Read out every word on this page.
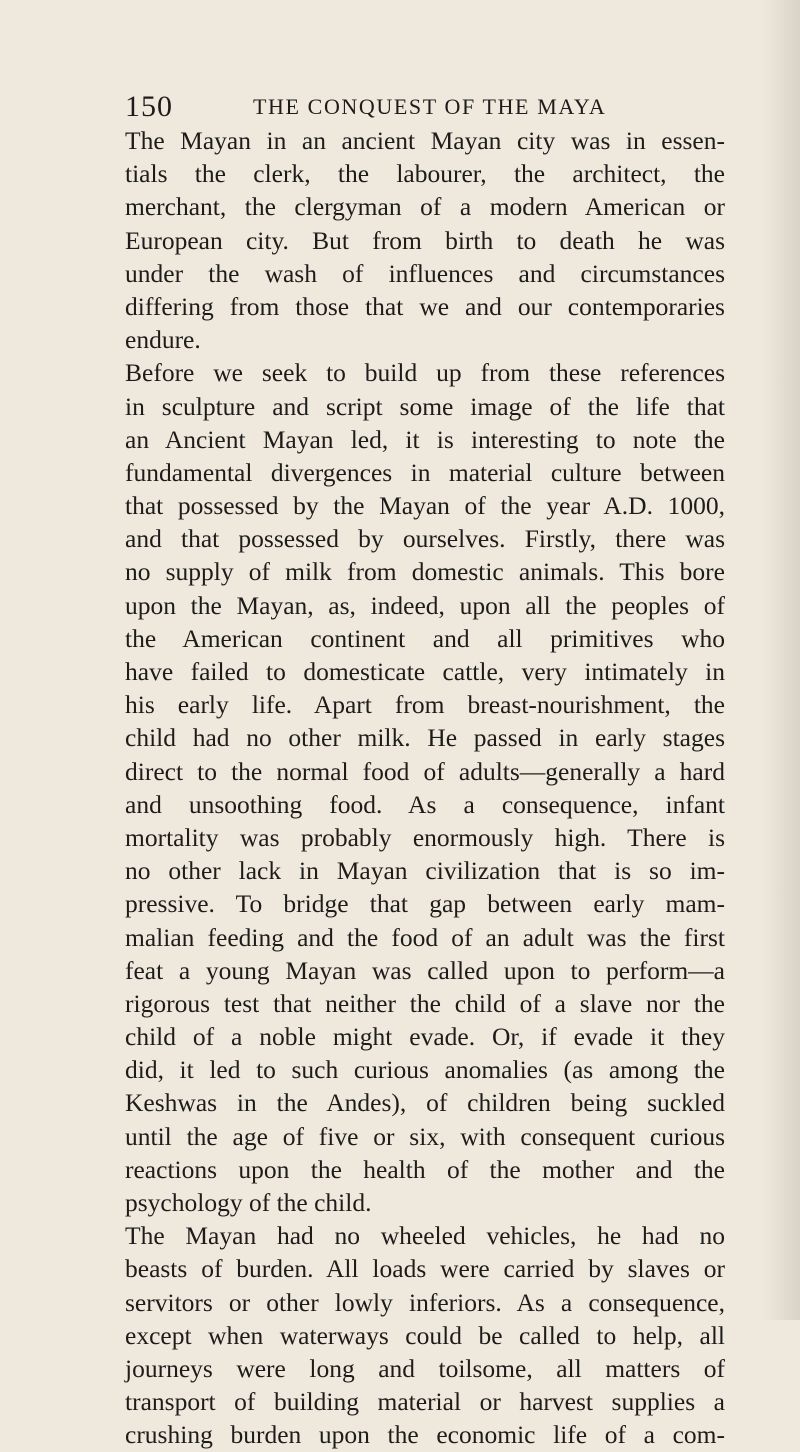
150	THE CONQUEST OF THE MAYA
The Mayan in an ancient Mayan city was in essen-
tials the clerk, the labourer, the architect, the
merchant, the clergyman of a modern American or
European city. But from birth to death he was
under the wash of influences and circumstances
differing from those that we and our contemporaries
endure.
Before we seek to build up from these references
in sculpture and script some image of the life that
an Ancient Mayan led, it is interesting to note the
fundamental divergences in material culture between
that possessed by the Mayan of the year A.D. 1000,
and that possessed by ourselves. Firstly, there was
no supply of milk from domestic animals. This bore
upon the Mayan, as, indeed, upon all the peoples of
the American continent and all primitives who
have failed to domesticate cattle, very intimately in
his early life. Apart from breast-nourishment, the
child had no other milk. He passed in early stages
direct to the normal food of adults—generally a hard
and unsoothing food. As a consequence, infant
mortality was probably enormously high. There is
no other lack in Mayan civilization that is so im-
pressive. To bridge that gap between early mam-
malian feeding and the food of an adult was the first
feat a young Mayan was called upon to perform—a
rigorous test that neither the child of a slave nor the
child of a noble might evade. Or, if evade it they
did, it led to such curious anomalies (as among the
Keshwas in the Andes), of children being suckled
until the age of five or six, with consequent curious
reactions upon the health of the mother and the
psychology of the child.
The Mayan had no wheeled vehicles, he had no
beasts of burden. All loads were carried by slaves or
servitors or other lowly inferiors. As a consequence,
except when waterways could be called to help, all
journeys were long and toilsome, all matters of
transport of building material or harvest supplies a
crushing burden upon the economic life of a com-
